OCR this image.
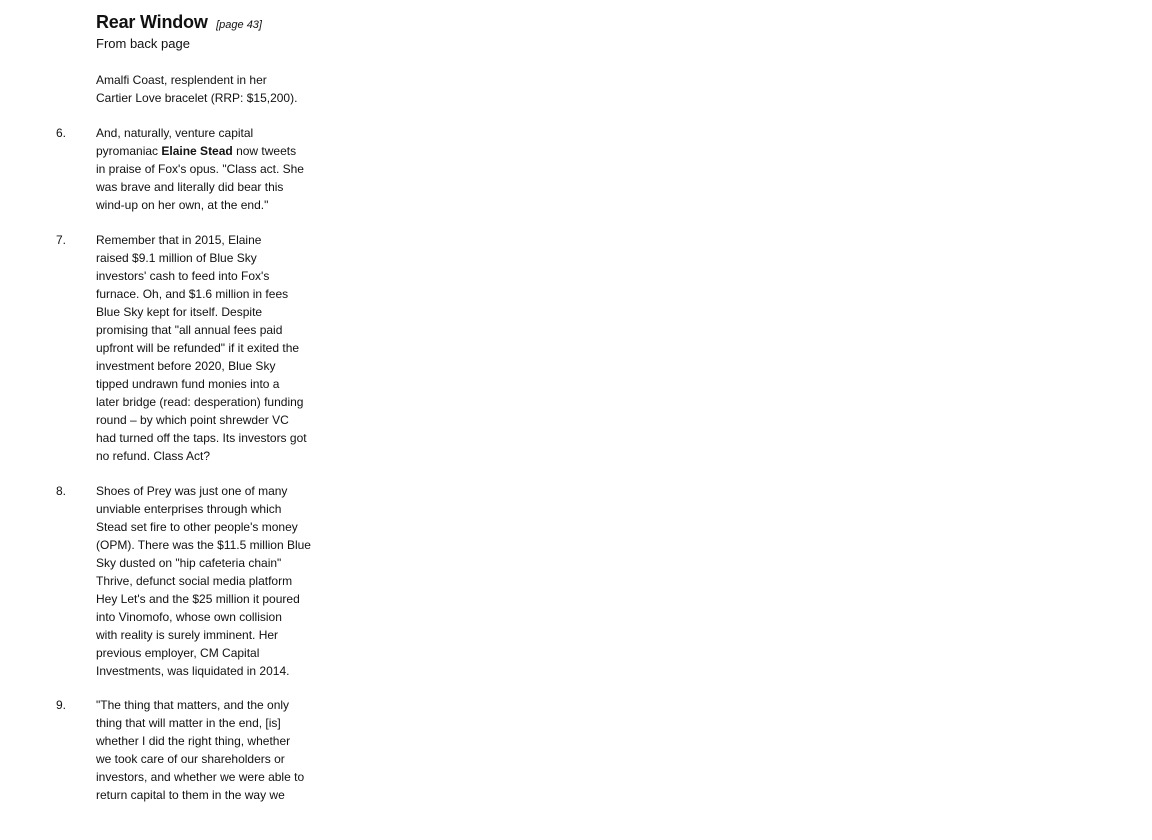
Rear Window [page 43]
From back page
Amalfi Coast, resplendent in her
Cartier Love bracelet (RRP: $15,200).
6. And, naturally, venture capital
pyromaniac Elaine Stead now tweets
in praise of Fox's opus. "Class act. She
was brave and literally did bear this
wind-up on her own, at the end."
7. Remember that in 2015, Elaine
raised $9.1 million of Blue Sky
investors' cash to feed into Fox's
furnace. Oh, and $1.6 million in fees
Blue Sky kept for itself. Despite
promising that "all annual fees paid
upfront will be refunded" if it exited the
investment before 2020, Blue Sky
tipped undrawn fund monies into a
later bridge (read: desperation) funding
round – by which point shrewder VC
had turned off the taps. Its investors got
no refund. Class Act?
8. Shoes of Prey was just one of many
unviable enterprises through which
Stead set fire to other people's money
(OPM). There was the $11.5 million Blue
Sky dusted on "hip cafeteria chain"
Thrive, defunct social media platform
Hey Let's and the $25 million it poured
into Vinomofo, whose own collision
with reality is surely imminent. Her
previous employer, CM Capital
Investments, was liquidated in 2014.
9. "The thing that matters, and the only
thing that will matter in the end, [is]
whether I did the right thing, whether
we took care of our shareholders or
investors, and whether we were able to
return capital to them in the way we
